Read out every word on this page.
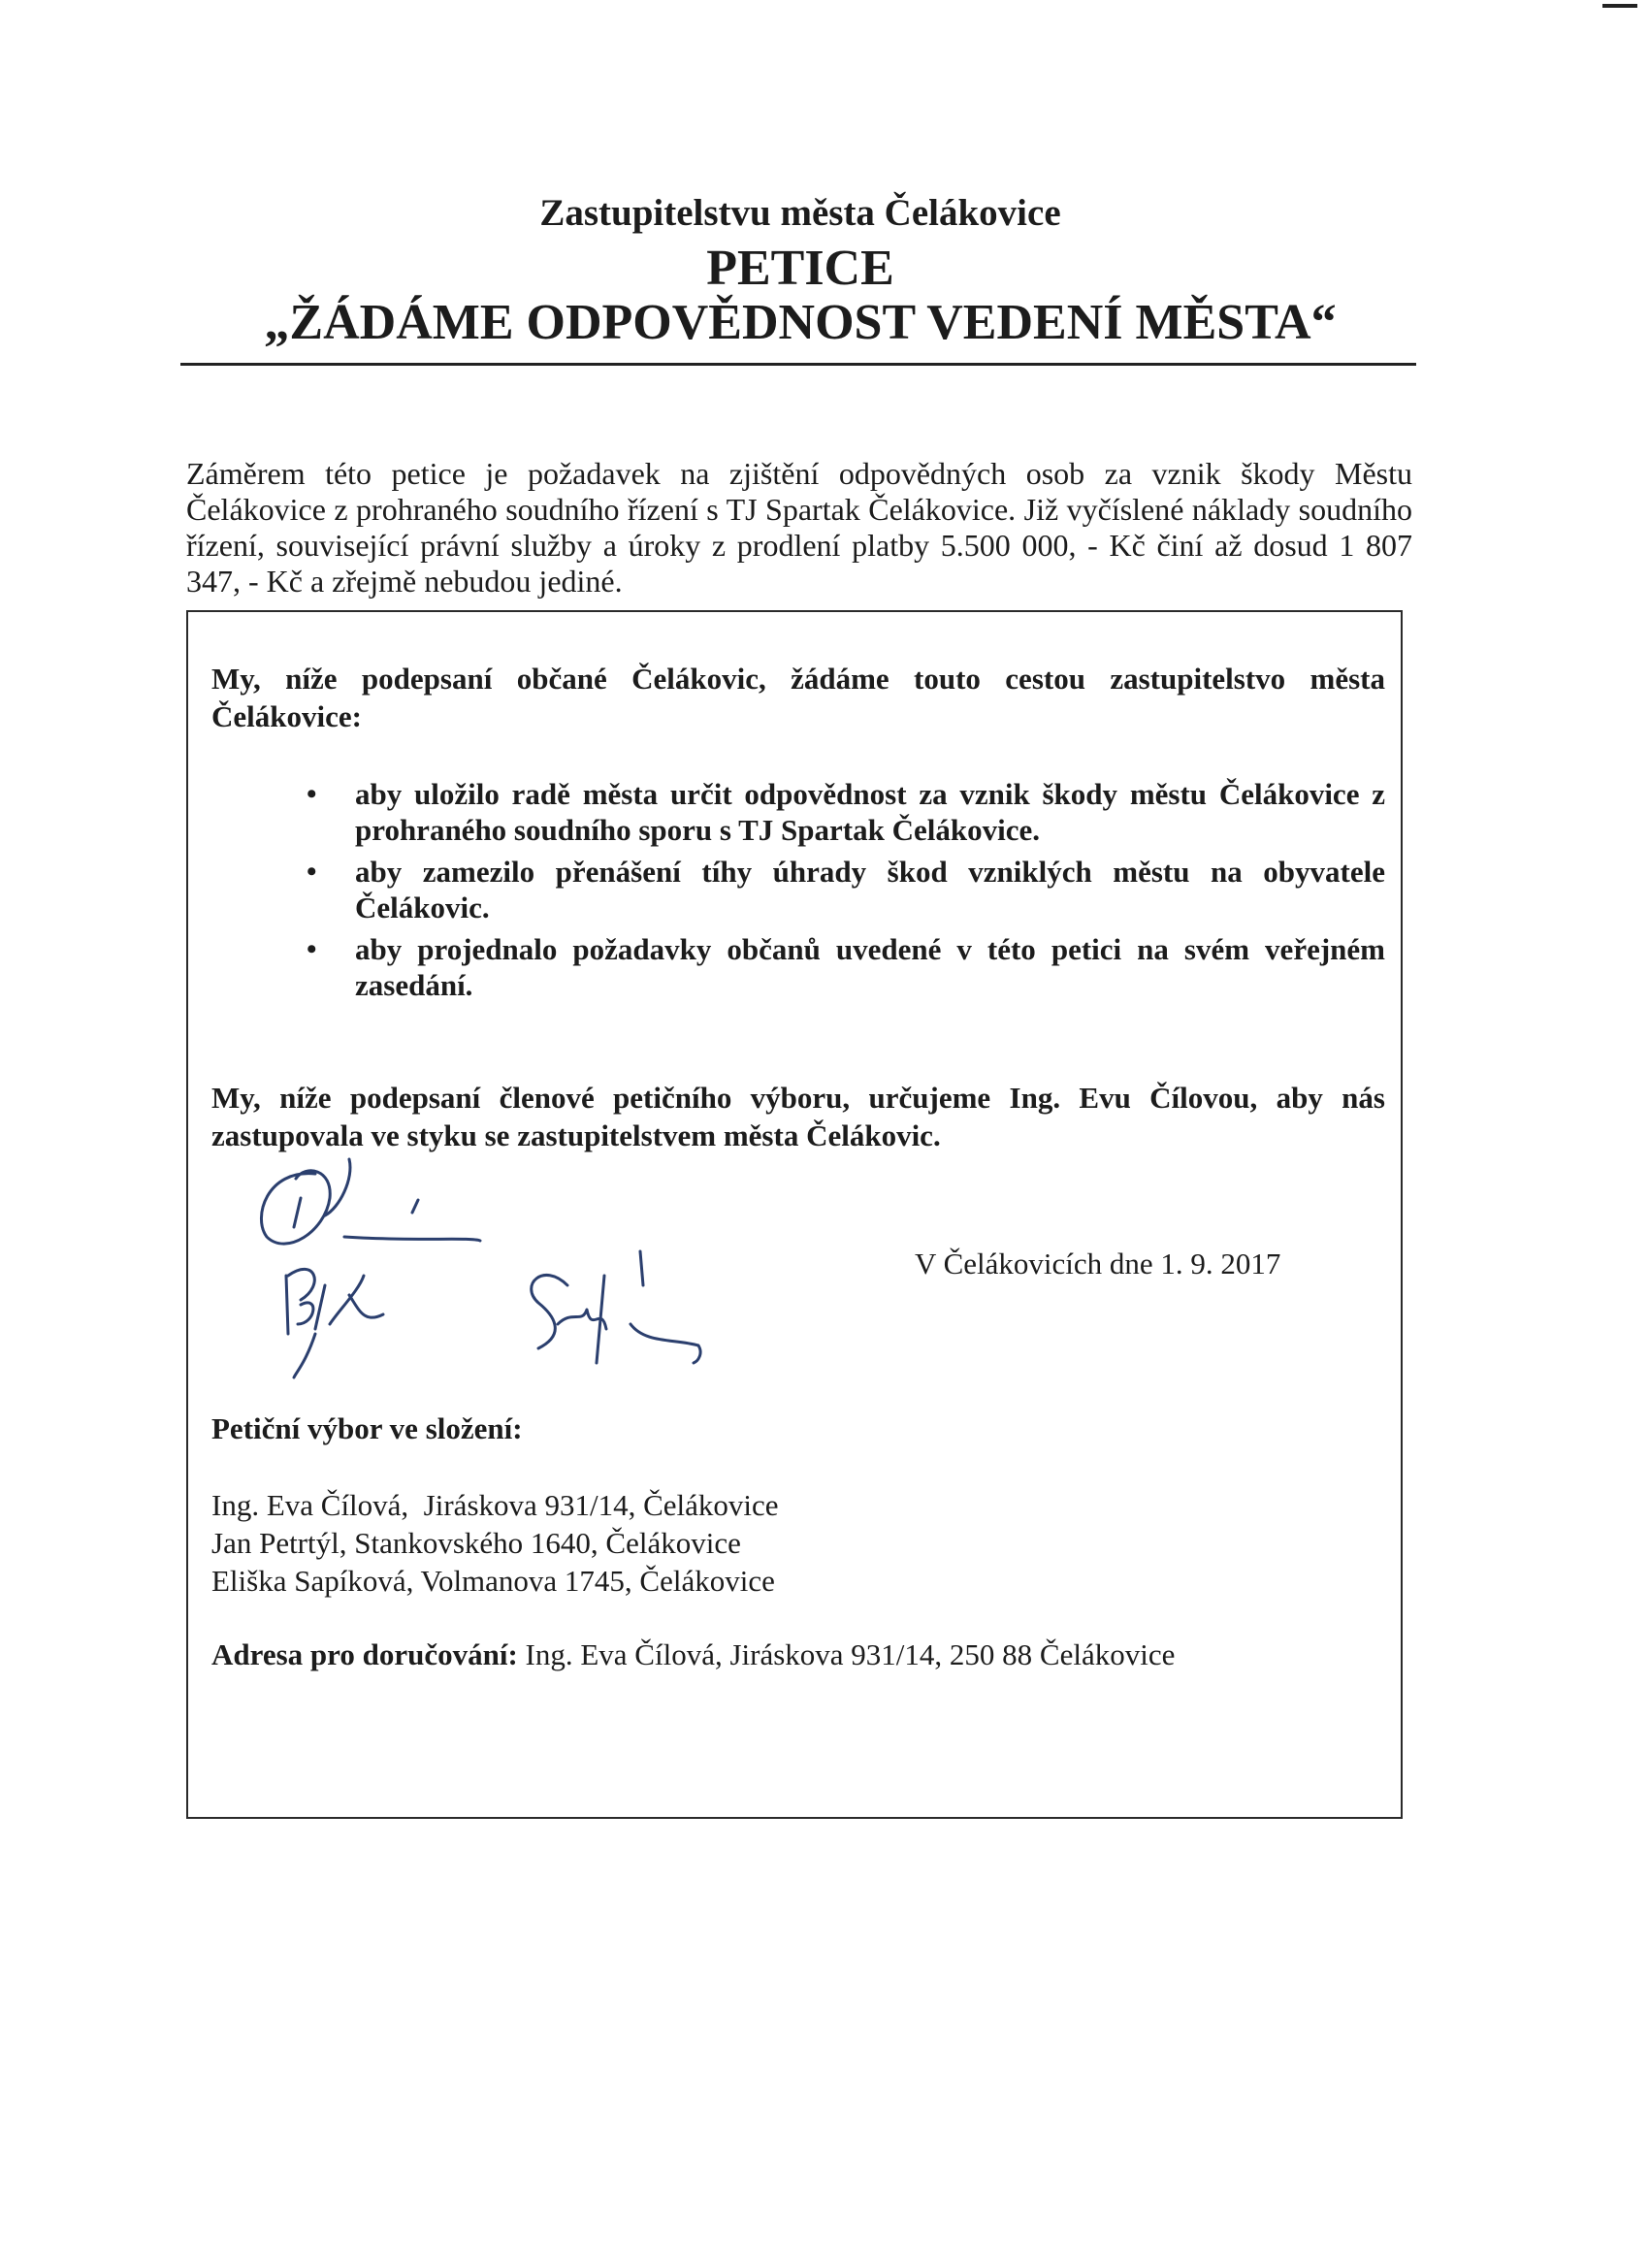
Zastupitelstvu města Čelákovice
PETICE
„ŽÁDÁME ODPOVĚDNOST VEDENÍ MĚSTA“

Záměrem této petice je požadavek na zjištění odpovědných osob za vznik škody Městu Čelákovice z prohraného soudního řízení s TJ Spartak Čelákovice. Již vyčíslené náklady soudního řízení, související právní služby a úroky z prodlení platby 5.500 000, - Kč činí až dosud 1 807 347, - Kč a zřejmě nebudou jediné.

My, níže podepsaní občané Čelákovic, žádáme touto cestou zastupitelstvo města Čelákovice:

• aby uložilo radě města určit odpovědnost za vznik škody městu Čelákovice z prohraného soudního sporu s TJ Spartak Čelákovice.
• aby zamezilo přenášení tíhy úhrady škod vzniklých městu na obyvatele Čelákovic.
• aby projednalo požadavky občanů uvedené v této petici na svém veřejném zasedání.

My, níže podepsaní členové petičního výboru, určujeme Ing. Evu Čílovou, aby nás zastupovala ve styku se zastupitelstvem města Čelákovic.

V Čelákovicích dne 1. 9. 2017
Petiční výbor ve složení:
Ing. Eva Čílová,  Jiráskova 931/14, Čelákovice
Jan Petrtýl, Stankovského 1640, Čelákovice
Eliška Sapíková, Volmanova 1745, Čelákovice
Adresa pro doručování: Ing. Eva Čílová, Jiráskova 931/14, 250 88 Čelákovice
